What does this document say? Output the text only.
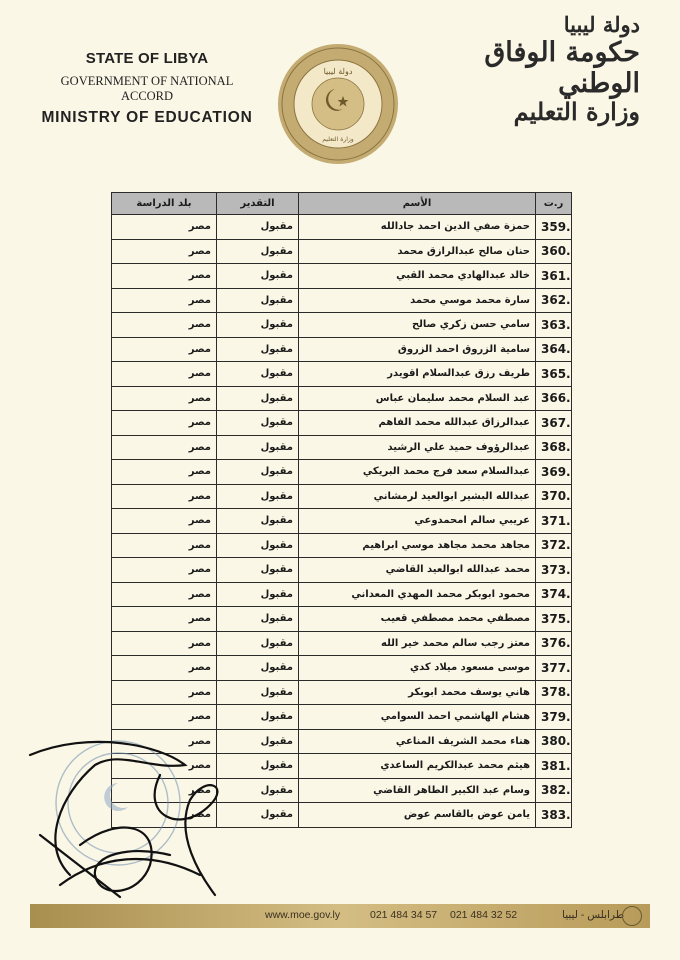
STATE OF LIBYA
GOVERNMENT OF NATIONAL ACCORD
MINISTRY OF EDUCATION
دولة ليبيا
وزارة التعليم
دولة ليبيا
حكومة الوفاق الوطني
وزارة التعليم
بلد الدراسة	التقدير	الأسم	ر.ت
مصر	مقبول	حمزة صفي الدين احمد جادالله	359.
مصر	مقبول	حنان صالح عبدالرازق محمد	360.
مصر	مقبول	خالد عبدالهادي محمد القبي	361.
مصر	مقبول	سارة محمد موسي محمد	362.
مصر	مقبول	سامي حسن زكري صالح	363.
مصر	مقبول	سامية الزروق احمد الزروق	364.
مصر	مقبول	طريف رزق عبدالسلام اقويدر	365.
مصر	مقبول	عبد السلام محمد سليمان عباس	366.
مصر	مقبول	عبدالرزاق عبدالله محمد الفاهم	367.
مصر	مقبول	عبدالرؤوف حميد علي الرشيد	368.
مصر	مقبول	عبدالسلام سعد فرج محمد البريكي	369.
مصر	مقبول	عبدالله البشير ابوالعيد لرمشاني	370.
مصر	مقبول	عريبي سالم امحمدوعي	371.
مصر	مقبول	مجاهد محمد مجاهد موسي ابراهيم	372.
مصر	مقبول	محمد عبدالله ابوالعيد القاضي	373.
مصر	مقبول	محمود ابوبكر محمد المهدي المعداني	374.
مصر	مقبول	مصطفي محمد مصطفي قعيب	375.
مصر	مقبول	معتز رجب سالم محمد خير الله	376.
مصر	مقبول	موسى مسعود ميلاد كدي	377.
مصر	مقبول	هاني يوسف محمد ابوبكر	378.
مصر	مقبول	هشام الهاشمي احمد السوامي	379.
مصر	مقبول	هناء محمد الشريف المناعي	380.
مصر	مقبول	هيثم محمد عبدالكريم الساعدي	381.
مصر	مقبول	وسام عبد الكبير الطاهر القاضي	382.
مصر	مقبول	يامن عوض بالقاسم عوض	383.
www.moe.gov.ly	021 484 34 57 021 484 32 52	طرابلس - ليبيا
